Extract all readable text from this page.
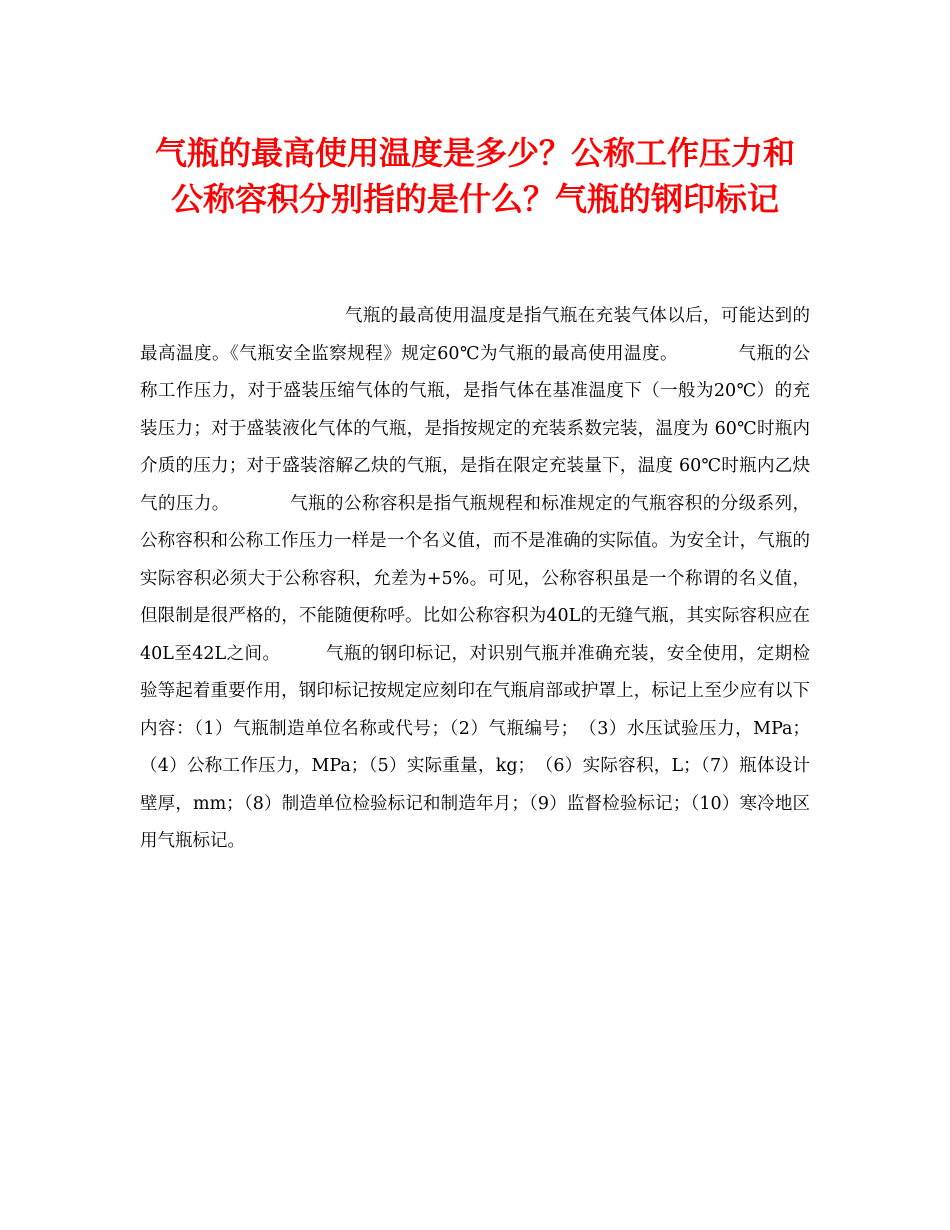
气瓶的最高使用温度是多少？公称工作压力和公称容积分别指的是什么？气瓶的钢印标记

气瓶的最高使用温度是指气瓶在充装气体以后，可能达到的最高温度。《气瓶安全监察规程》规定60℃为气瓶的最高使用温度。	气瓶的公称工作压力，对于盛装压缩气体的气瓶，是指气体在基准温度下（一般为20℃）的充装压力；对于盛装液化气体的气瓶，是指按规定的充装系数完装，温度为 60℃时瓶内介质的压力；对于盛装溶解乙炔的气瓶，是指在限定充装量下，温度 60℃时瓶内乙炔气的压力。	气瓶的公称容积是指气瓶规程和标准规定的气瓶容积的分级系列，公称容积和公称工作压力一样是一个名义值，而不是准确的实际值。为安全计，气瓶的实际容积必须大于公称容积，允差为+5%。可见，公称容积虽是一个称谓的名义值，但限制是很严格的，不能随便称呼。比如公称容积为40L的无缝气瓶，其实际容积应在40L至42L之间。	气瓶的钢印标记，对识别气瓶并准确充装，安全使用，定期检验等起着重要作用，钢印标记按规定应刻印在气瓶肩部或护罩上，标记上至少应有以下内容：（1）气瓶制造单位名称或代号；（2）气瓶编号；　（3）水压试验压力，MPa；（4）公称工作压力，MPa；（5）实际重量，kg；　（6）实际容积，L；（7）瓶体设计壁厚，mm；（8）制造单位检验标记和制造年月；（9）监督检验标记；（10）寒冷地区用气瓶标记。
